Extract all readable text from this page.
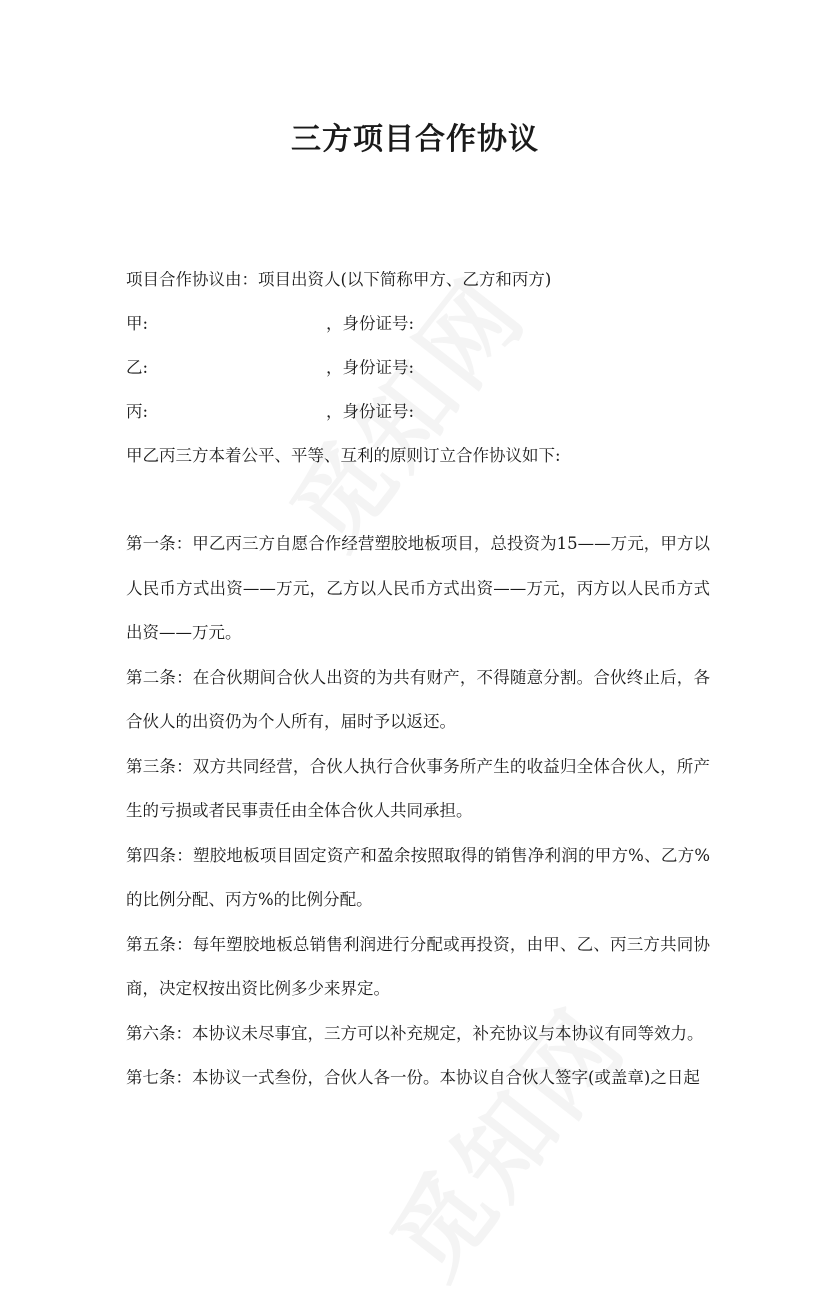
三方项目合作协议
项目合作协议由：项目出资人(以下简称甲方、乙方和丙方)
甲:	，身份证号:
乙:	，身份证号:
丙:	，身份证号:
甲乙丙三方本着公平、平等、互利的原则订立合作协议如下:
第一条：甲乙丙三方自愿合作经营塑胶地板项目，总投资为15——万元，甲方以人民币方式出资——万元，乙方以人民币方式出资——万元，丙方以人民币方式出资——万元。
第二条：在合伙期间合伙人出资的为共有财产，不得随意分割。合伙终止后，各合伙人的出资仍为个人所有，届时予以返还。
第三条：双方共同经营，合伙人执行合伙事务所产生的收益归全体合伙人，所产生的亏损或者民事责任由全体合伙人共同承担。
第四条：塑胶地板项目固定资产和盈余按照取得的销售净利润的甲方%、乙方%的比例分配、丙方%的比例分配。
第五条：每年塑胶地板总销售利润进行分配或再投资，由甲、乙、丙三方共同协商，决定权按出资比例多少来界定。
第六条：本协议未尽事宜，三方可以补充规定，补充协议与本协议有同等效力。
第七条：本协议一式叁份，合伙人各一份。本协议自合伙人签字(或盖章)之日起
